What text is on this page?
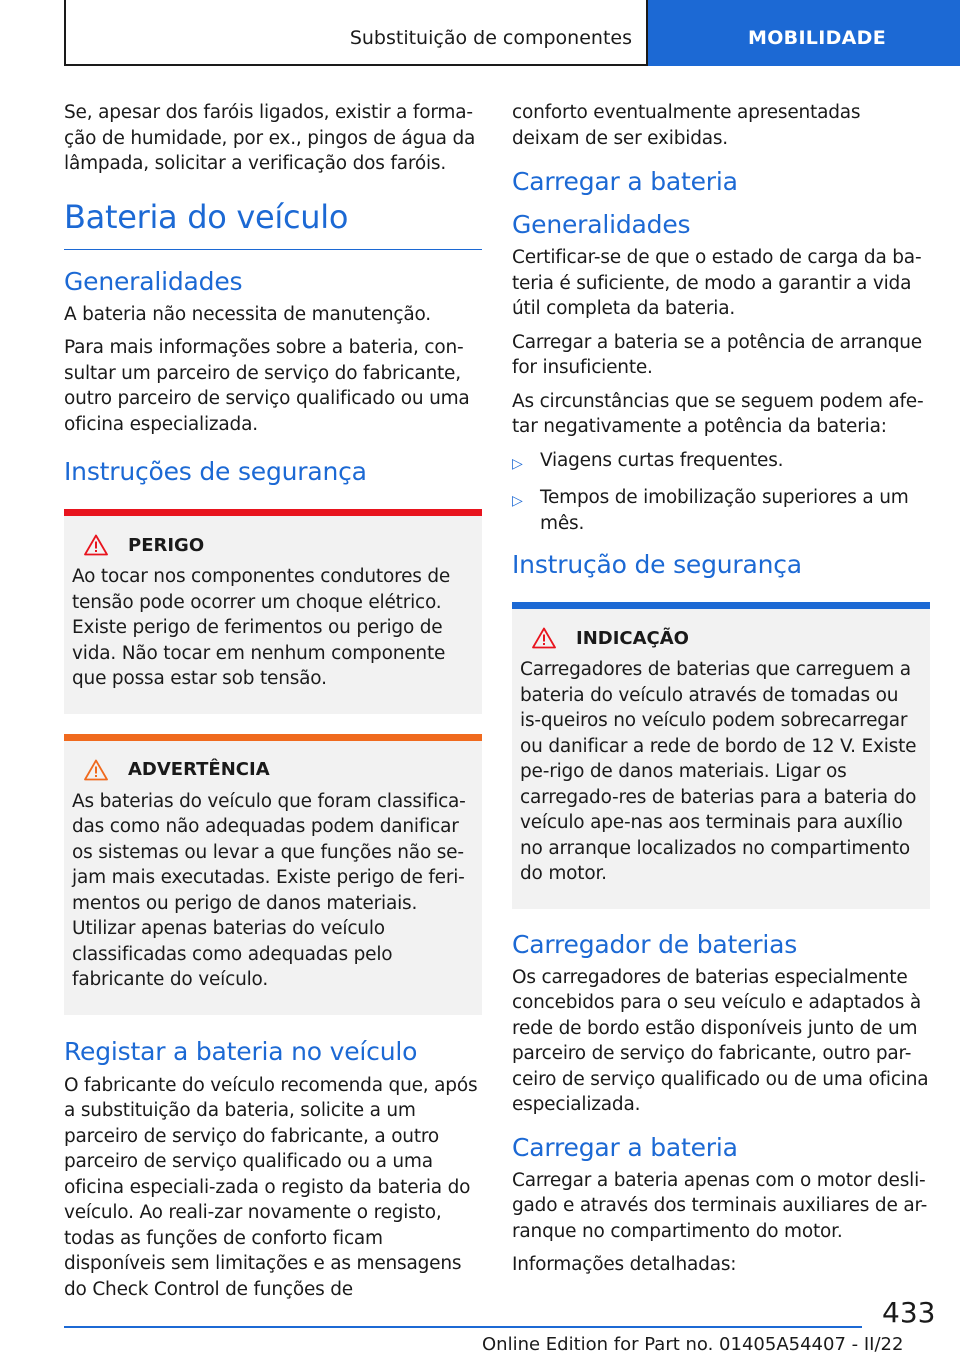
Substituição de componentes	MOBILIDADE

Se, apesar dos faróis ligados, existir a forma-ção de humidade, por ex., pingos de água da lâmpada, solicitar a verificação dos faróis.

Bateria do veículo
Generalidades

A bateria não necessita de manutenção.

Para mais informações sobre a bateria, con-sultar um parceiro de serviço do fabricante, outro parceiro de serviço qualificado ou uma oficina especializada.

Instruções de segurança
PERIGO

Ao tocar nos componentes condutores de tensão pode ocorrer um choque elétrico. Existe perigo de ferimentos ou perigo de vida. Não tocar em nenhum componente que possa estar sob tensão.

ADVERTÊNCIA

As baterias do veículo que foram classifica-das como não adequadas podem danificar os sistemas ou levar a que funções não se-jam mais executadas. Existe perigo de feri-mentos ou perigo de danos materiais. Utilizar apenas baterias do veículo classificadas como adequadas pelo fabricante do veículo.

Registar a bateria no veículo

O fabricante do veículo recomenda que, após a substituição da bateria, solicite a um parceiro de serviço do fabricante, a outro parceiro de serviço qualificado ou a uma oficina especiali-zada o registo da bateria do veículo. Ao reali-zar novamente o registo, todas as funções de conforto ficam disponíveis sem limitações e as mensagens do Check Control de funções de

conforto eventualmente apresentadas deixam de ser exibidas.

Carregar a bateria
Generalidades

Certificar-se de que o estado de carga da ba-teria é suficiente, de modo a garantir a vida útil completa da bateria.

Carregar a bateria se a potência de arranque for insuficiente.

As circunstâncias que se seguem podem afe-tar negativamente a potência da bateria:

▷ Viagens curtas frequentes.
▷ Tempos de imobilização superiores a um mês.
Instrução de segurança
INDICAÇÃO

Carregadores de baterias que carreguem a bateria do veículo através de tomadas ou is-queiros no veículo podem sobrecarregar ou danificar a rede de bordo de 12 V. Existe pe-rigo de danos materiais. Ligar os carregado-res de baterias para a bateria do veículo ape-nas aos terminais para auxílio no arranque localizados no compartimento do motor.

Carregador de baterias

Os carregadores de baterias especialmente concebidos para o seu veículo e adaptados à rede de bordo estão disponíveis junto de um parceiro de serviço do fabricante, outro par-ceiro de serviço qualificado ou de uma oficina especializada.

Carregar a bateria

Carregar a bateria apenas com o motor desli-gado e através dos terminais auxiliares de ar-ranque no compartimento do motor.

Informações detalhadas:

433
Online Edition for Part no. 01405A54407 - II/22
